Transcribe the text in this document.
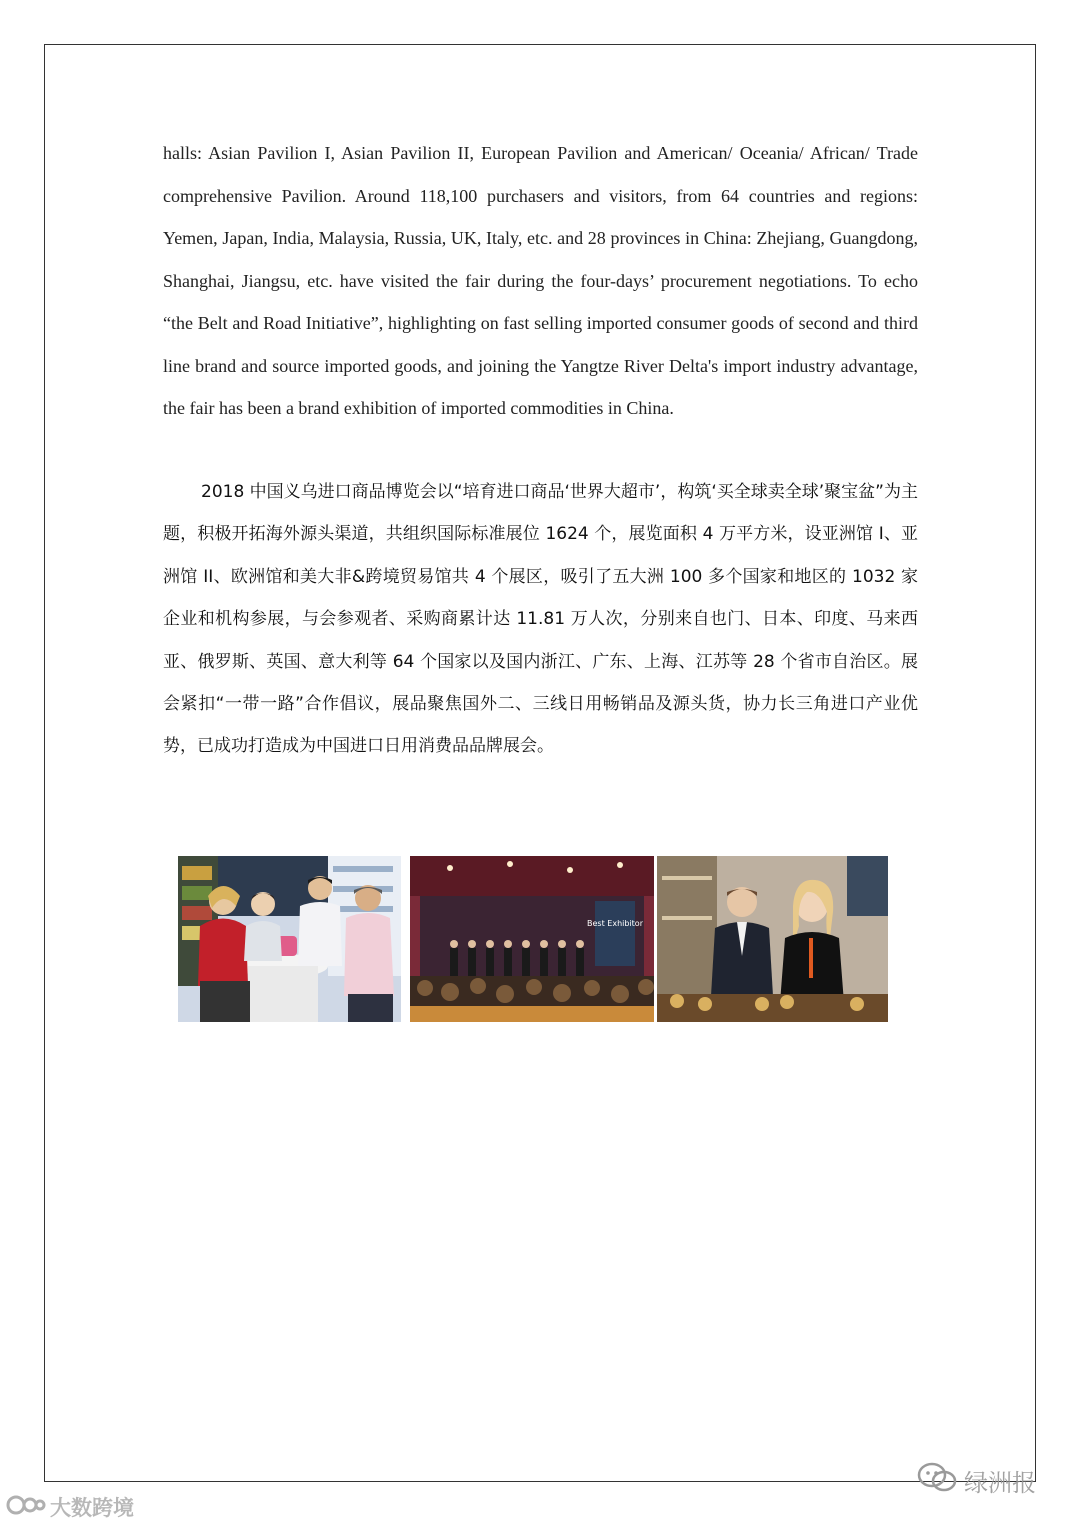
halls: Asian Pavilion I, Asian Pavilion II, European Pavilion and American/ Oceania/ African/ Trade comprehensive Pavilion. Around 118,100 purchasers and visitors, from 64 countries and regions: Yemen, Japan, India, Malaysia, Russia, UK, Italy, etc. and 28 provinces in China: Zhejiang, Guangdong, Shanghai, Jiangsu, etc. have visited the fair during the four-days’ procurement negotiations. To echo “the Belt and Road Initiative”, highlighting on fast selling imported consumer goods of second and third line brand and source imported goods, and joining the Yangtze River Delta's import industry advantage, the fair has been a brand exhibition of imported commodities in China.

2018 中国义乌进口商品博览会以“培育进口商品‘世界大超市’，构筑‘买全球卖全球’聚宝盆”为主题，积极开拓海外源头渠道，共组织国际标准展位 1624 个，展览面积 4 万平方米，设亚洲馆 I、亚洲馆 II、欧洲馆和美大非&跨境贸易馆共 4 个展区，吸引了五大洲 100 多个国家和地区的 1032 家企业和机构参展，与会参观者、采购商累计达 11.81 万人次，分别来自也门、日本、印度、马来西亚、俄罗斯、英国、意大利等 64 个国家以及国内浙江、广东、上海、江苏等 28 个省市自治区。展会紧扣“一带一路”合作倡议，展品聚焦国外二、三线日用畅销品及源头货，协力长三角进口产业优势，已成功打造成为中国进口日用消费品品牌展会。

Best Exhibitor
大数跨境
绿洲报
